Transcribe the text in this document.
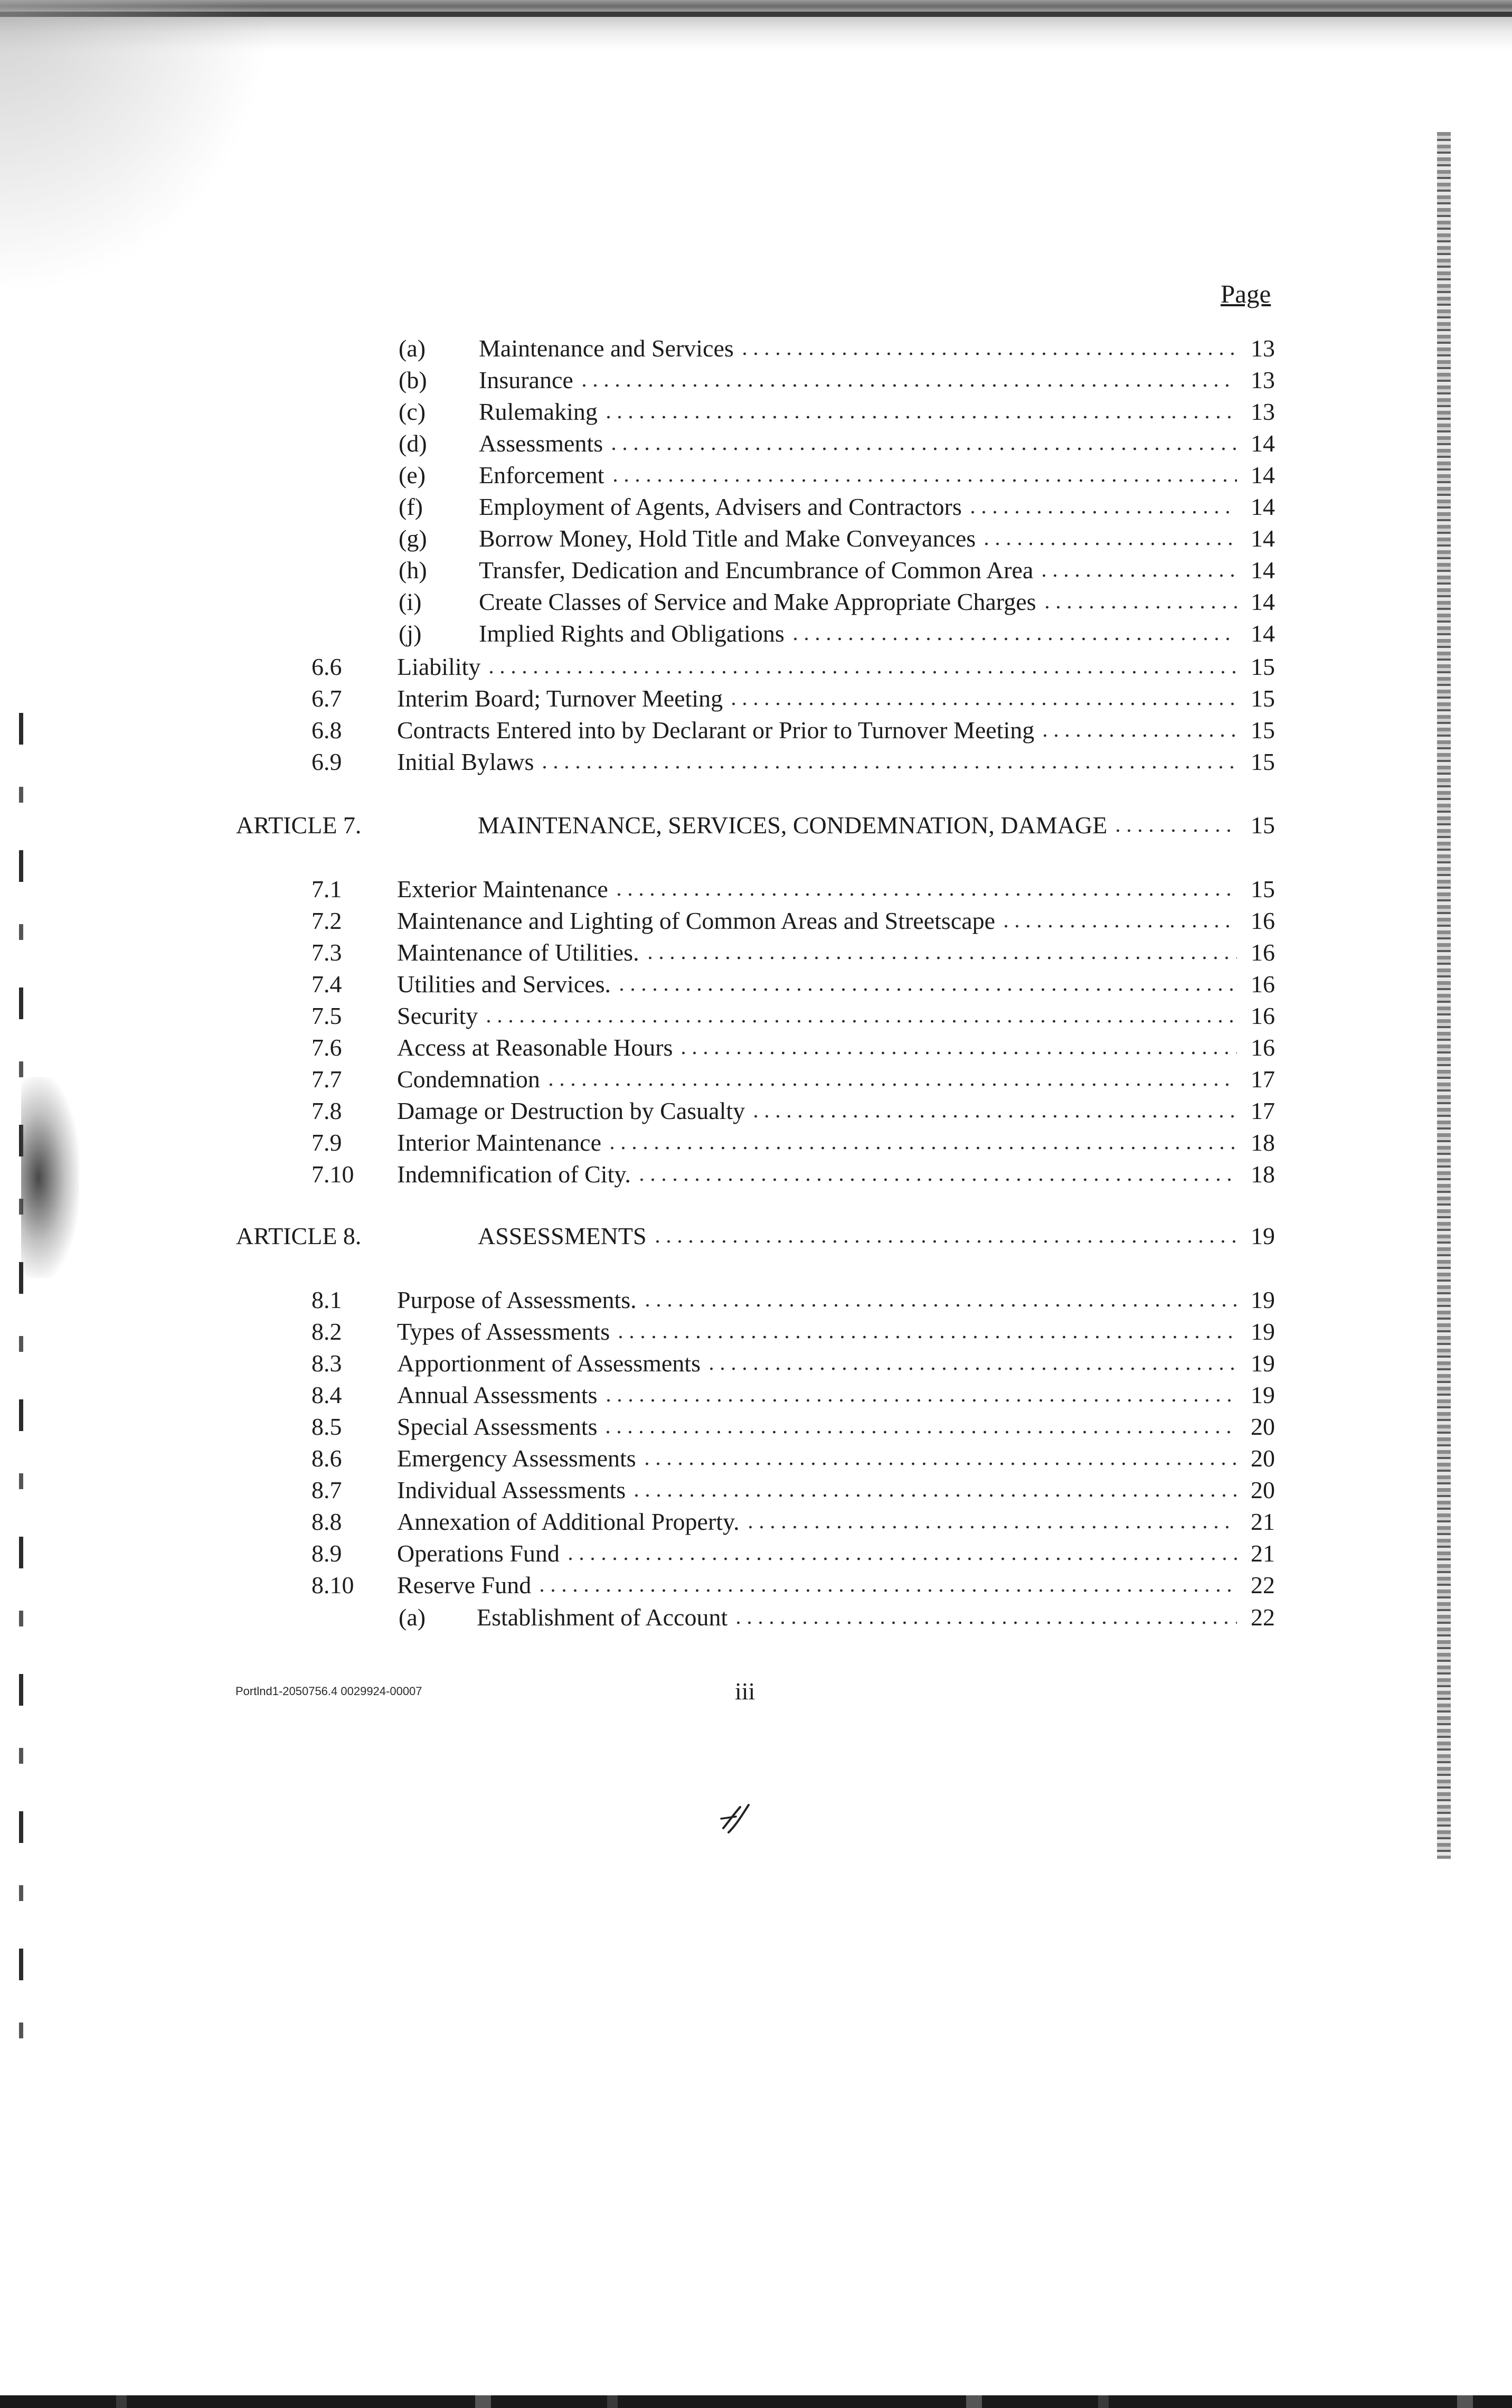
Page
(a)	Maintenance and Services	13
(b)	Insurance	13
(c)	Rulemaking	13
(d)	Assessments	14
(e)	Enforcement	14
(f)	Employment of Agents, Advisers and Contractors	14
(g)	Borrow Money, Hold Title and Make Conveyances	14
(h)	Transfer, Dedication and Encumbrance of Common Area	14
(i)	Create Classes of Service and Make Appropriate Charges	14
(j)	Implied Rights and Obligations	14
6.6	Liability	15
6.7	Interim Board; Turnover Meeting	15
6.8	Contracts Entered into by Declarant or Prior to Turnover Meeting	15
6.9	Initial Bylaws	15
ARTICLE 7.	MAINTENANCE, SERVICES, CONDEMNATION, DAMAGE	15
7.1	Exterior Maintenance	15
7.2	Maintenance and Lighting of Common Areas and Streetscape	16
7.3	Maintenance of Utilities.	16
7.4	Utilities and Services.	16
7.5	Security	16
7.6	Access at Reasonable Hours	16
7.7	Condemnation	17
7.8	Damage or Destruction by Casualty	17
7.9	Interior Maintenance	18
7.10	Indemnification of City.	18
ARTICLE 8.	ASSESSMENTS	19
8.1	Purpose of Assessments.	19
8.2	Types of Assessments	19
8.3	Apportionment of Assessments	19
8.4	Annual Assessments	19
8.5	Special Assessments	20
8.6	Emergency Assessments	20
8.7	Individual Assessments	20
8.8	Annexation of Additional Property.	21
8.9	Operations Fund	21
8.10	Reserve Fund	22
(a)	Establishment of Account	22
Portlnd1-2050756.4 0029924-00007	iii
